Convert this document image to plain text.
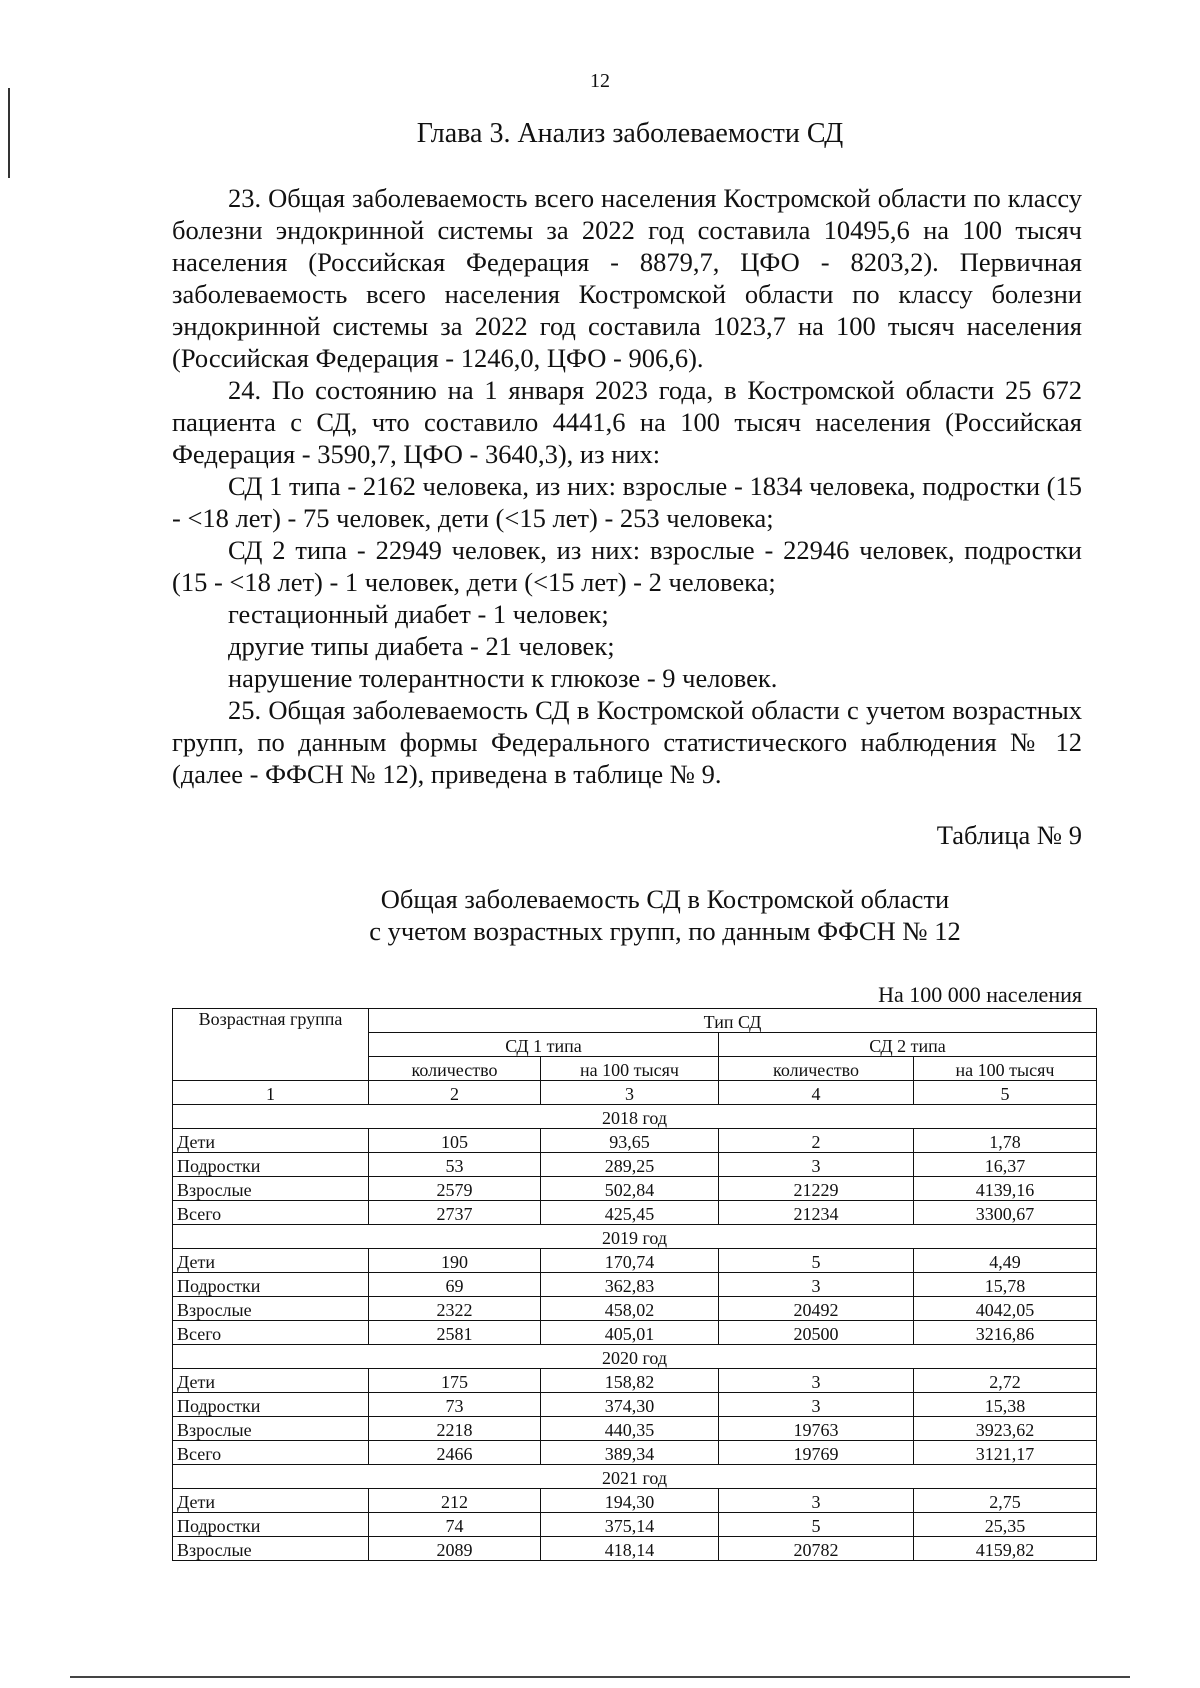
12
Глава 3. Анализ заболеваемости СД

23. Общая заболеваемость всего населения Костромской области по классу болезни эндокринной системы за 2022 год составила 10495,6 на 100 тысяч населения (Российская Федерация - 8879,7, ЦФО - 8203,2). Первичная заболеваемость всего населения Костромской области по классу болезни эндокринной системы за 2022 год составила 1023,7 на 100 тысяч населения (Российская Федерация - 1246,0, ЦФО - 906,6).

24. По состоянию на 1 января 2023 года, в Костромской области 25 672 пациента с СД, что составило 4441,6 на 100 тысяч населения (Российская Федерация - 3590,7, ЦФО - 3640,3), из них:

СД 1 типа - 2162 человека, из них: взрослые - 1834 человека, подростки (15 - <18 лет) - 75 человек, дети (<15 лет) - 253 человека;

СД 2 типа - 22949 человек, из них: взрослые - 22946 человек, подростки (15 - <18 лет) - 1 человек, дети (<15 лет) - 2 человека;

гестационный диабет - 1 человек;

другие типы диабета - 21 человек;

нарушение толерантности к глюкозе - 9 человек.

25. Общая заболеваемость СД в Костромской области с учетом возрастных групп, по данным формы Федерального статистического наблюдения № 12 (далее - ФФСН № 12), приведена в таблице № 9.

Таблица № 9
Общая заболеваемость СД в Костромской области
с учетом возрастных групп, по данным ФФСН № 12
На 100 000 населения
Возрастная группа	Тип СД			
	СД 1 типа		СД 2 типа	
	количество	на 100 тысяч	количество	на 100 тысяч
1	2	3	4	5
2018 год				
Дети	105	93,65	2	1,78
Подростки	53	289,25	3	16,37
Взрослые	2579	502,84	21229	4139,16
Всего	2737	425,45	21234	3300,67
2019 год				
Дети	190	170,74	5	4,49
Подростки	69	362,83	3	15,78
Взрослые	2322	458,02	20492	4042,05
Всего	2581	405,01	20500	3216,86
2020 год				
Дети	175	158,82	3	2,72
Подростки	73	374,30	3	15,38
Взрослые	2218	440,35	19763	3923,62
Всего	2466	389,34	19769	3121,17
2021 год				
Дети	212	194,30	3	2,75
Подростки	74	375,14	5	25,35
Взрослые	2089	418,14	20782	4159,82
